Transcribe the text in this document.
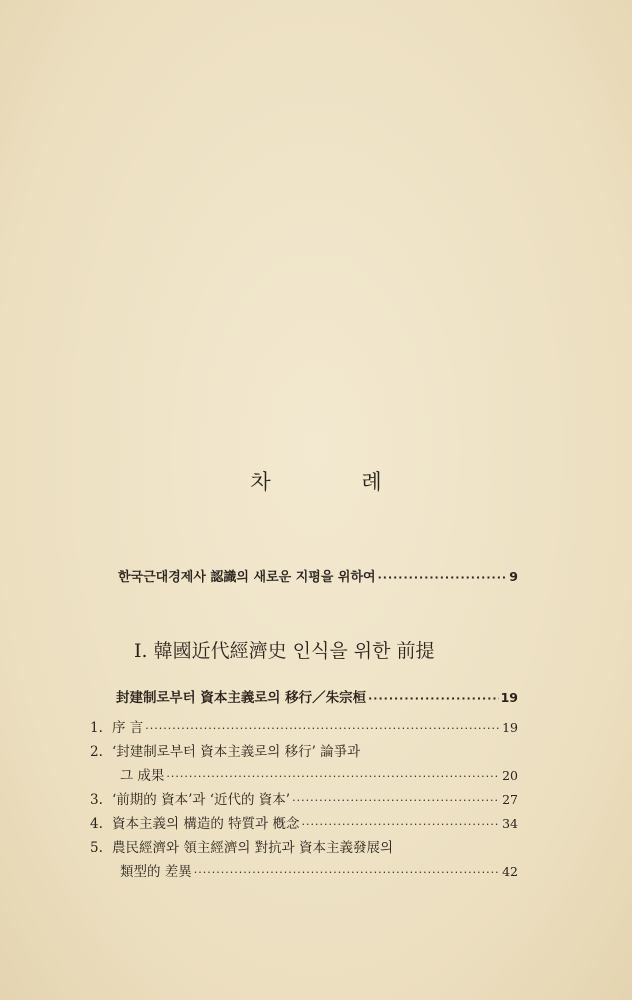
차 례
한국근대경제사 認識의 새로운 지평을 위하여 ·····	9
I. 韓國近代經濟史 인식을 위한 前提
封建制로부터 資本主義로의 移行／朱宗桓 ·····	19
1. 序 言 ·····	19
2. ‘封建制로부터 資本主義로의 移行’ 論爭과
그 成果 ·····	20
3. ‘前期的 資本’과 ‘近代的 資本’ ·····	27
4. 資本主義의 構造的 特質과 槪念 ·····	34
5. 農民經濟와 領主經濟의 對抗과 資本主義發展의
類型的 差異 ·····	42
